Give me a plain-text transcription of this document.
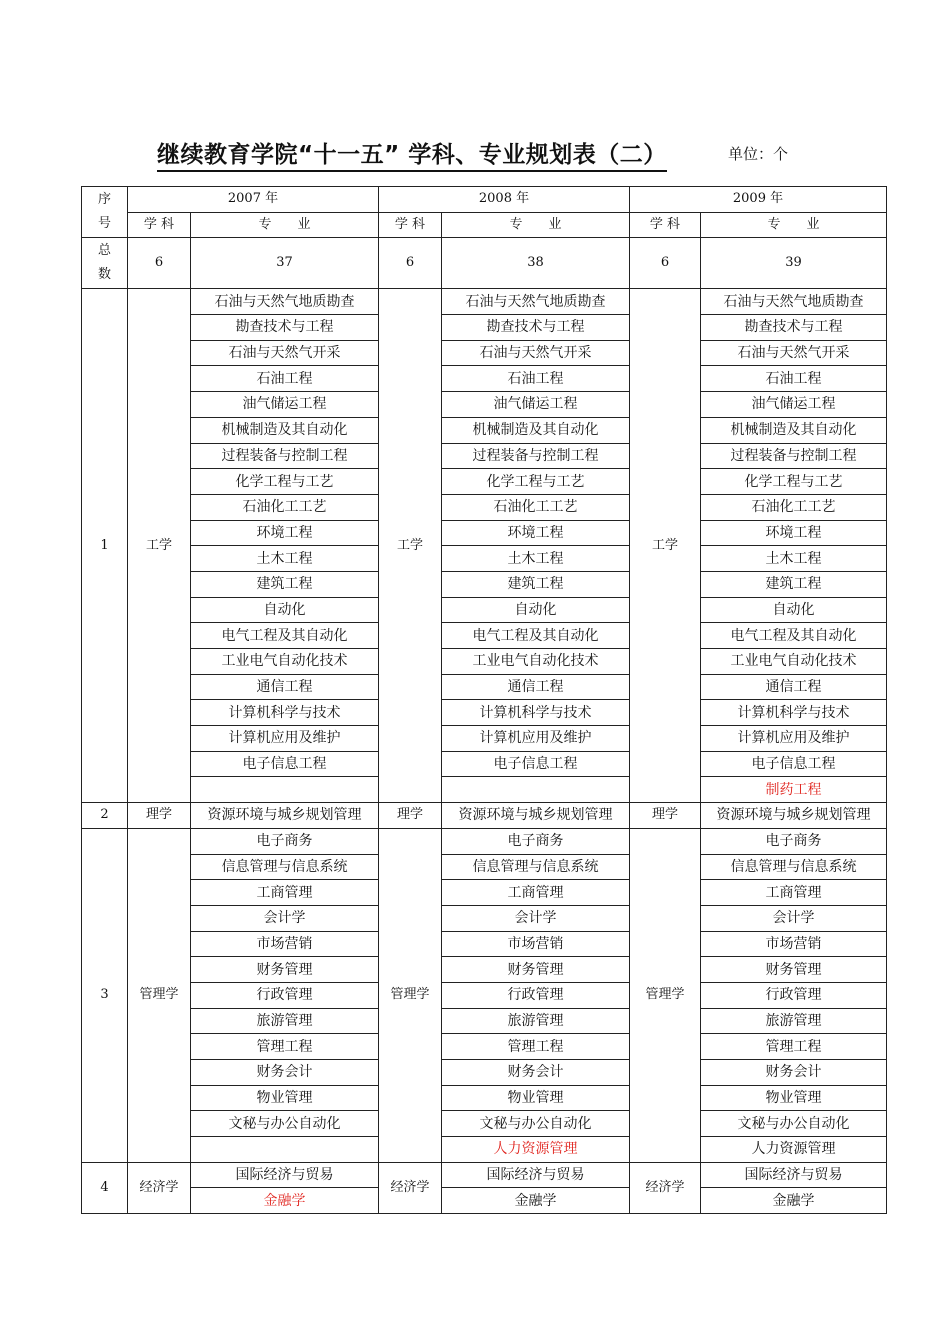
继续教育学院“十一五” 学科、专业规划表（二）	单位：个
序
号	2007 年		2008 年		2009 年	
	学 科	专　　业	学 科	专　　业	学 科	专　　业

总
数	6	37	6	38	6	39
1	工学	石油与天然气地质勘查	工学	石油与天然气地质勘查	工学	石油与天然气地质勘查
		勘查技术与工程		勘查技术与工程		勘查技术与工程
		石油与天然气开采		石油与天然气开采		石油与天然气开采
		石油工程		石油工程		石油工程
		油气储运工程		油气储运工程		油气储运工程
		机械制造及其自动化		机械制造及其自动化		机械制造及其自动化
		过程装备与控制工程		过程装备与控制工程		过程装备与控制工程
		化学工程与工艺		化学工程与工艺		化学工程与工艺
		石油化工工艺		石油化工工艺		石油化工工艺
		环境工程		环境工程		环境工程
		土木工程		土木工程		土木工程
		建筑工程		建筑工程		建筑工程
		自动化		自动化		自动化
		电气工程及其自动化		电气工程及其自动化		电气工程及其自动化
		工业电气自动化技术		工业电气自动化技术		工业电气自动化技术
		通信工程		通信工程		通信工程
		计算机科学与技术		计算机科学与技术		计算机科学与技术
		计算机应用及维护		计算机应用及维护		计算机应用及维护
		电子信息工程		电子信息工程		电子信息工程
						制药工程
2	理学	资源环境与城乡规划管理	理学	资源环境与城乡规划管理	理学	资源环境与城乡规划管理
3	管理学	电子商务	管理学	电子商务	管理学	电子商务
		信息管理与信息系统		信息管理与信息系统		信息管理与信息系统
		工商管理		工商管理		工商管理
		会计学		会计学		会计学
		市场营销		市场营销		市场营销
		财务管理		财务管理		财务管理
		行政管理		行政管理		行政管理
		旅游管理		旅游管理		旅游管理
		管理工程		管理工程		管理工程
		财务会计		财务会计		财务会计
		物业管理		物业管理		物业管理
		文秘与办公自动化		文秘与办公自动化		文秘与办公自动化
				人力资源管理		人力资源管理
4	经济学	国际经济与贸易	经济学	国际经济与贸易	经济学	国际经济与贸易
		金融学		金融学		金融学
